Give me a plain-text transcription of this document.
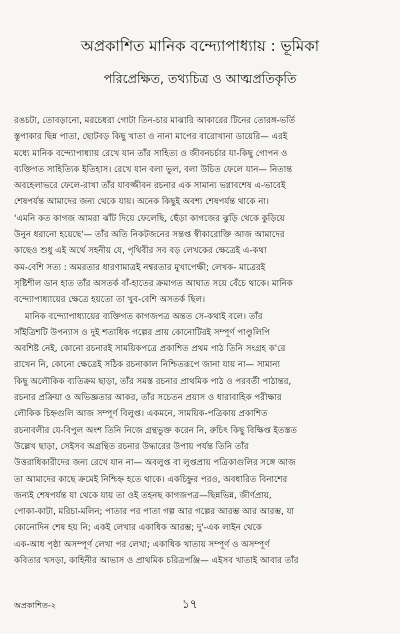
অপ্রকাশিত মানিক বন্দ্যোপাধ্যায় : ভূমিকা
পরিপ্রেক্ষিত, তথ্যচিত্র ও আত্মপ্রতিকৃতি
রঙচটা, তোবড়ানো, মরচেধরা গোটা তিন-চার মাঝারি আকারের টিনের তোরঙ্গ-ভর্তি
স্তূপাকার ছিন্ন পাতা, ছোটবড় কিছু খাতা ও নানা মাপের বারোখানা ডায়েরি— এরই
মধ্যে মানিক বন্দ্যোপাধ্যায় রেখে যান তাঁর সাহিত্য ও জীবনচর্চার যা-কিছু গোপন ও
ব্যক্তিগত সাহিত্যিক ইতিহাস। রেখে যান বলা ভুল, বলা উচিত ফেলে যান— নিতান্ত
অবহেলাভরে ফেলে-রাখা তাঁর যাবজ্জীবন রচনার এক সামান্য ভগ্নাবশেষ এ-ভাবেই
শেষপর্যন্ত আমাদের জন্য থেকে যায়। অনেক কিছুই অবশ্য শেষপর্যন্ত থাকে না।
'এমনি কত কাগজ আমরা ঝাঁট দিয়ে ফেলেছি, ছেঁড়া কাগজের ঝুড়ি থেকে কুড়িয়ে
উনুন ধরানো হয়েছে'— তাঁর অতি নিকটজনের সন্তপ্ত স্বীকারোক্তি আজ আমাদের
কাছেও শুধু এই অর্থে সহনীয় যে, পৃথিবীর সব বড় লেখকের ক্ষেত্রেই এ-কথা
কম-বেশি সত্য : অমরতার ধারণামাত্রই নশ্বরতার মুখাপেক্ষী; লেখক- মাত্রেরই
সৃষ্টিশীল ডান হাত তাঁর অসতর্ক বাঁ-হাতের ক্রমাগত আঘাত সয়ে বেঁচে থাকে। মানিক
বন্দ্যোপাধ্যায়ের ক্ষেত্রে হয়তো তা খুব-বেশি অসতর্ক ছিল।
মানিক বন্দ্যোপাধ্যায়ের ব্যক্তিগত কাগজপত্র অন্তত সে-কথাই বলে। তাঁর
সাঁইত্রিশটি উপন্যাস ও দুই শতাধিক গল্পের প্রায় কোনোটিরই সম্পূর্ণ পাণ্ডুলিপি
অবশিষ্ট নেই, কোনো রচনারই সাময়িকপত্রে প্রকাশিত প্রথম পাঠ তিনি সংগ্রহ ক'রে
রাখেন নি, কোনো ক্ষেত্রেই সঠিক রচনাকাল নিশ্চিতরূপে জানা যায় না— সামান্য
কিছু অলৌকিক ব্যতিক্রম ছাড়া, তাঁর সমস্ত রচনার প্রাথমিক পাঠ ও পরবর্তী পাঠান্তর,
রচনার প্রক্রিয়া ও অভিজ্ঞতার আকর, তাঁর সচেতন প্রয়াস ও ধারাবাহিক পরীক্ষার
লৌকিক চিহ্নগুলি আজ সম্পূর্ণ বিলুপ্ত। একমনে, সাময়িক-পত্রিকায় প্রকাশিত
রচনাবলীর যে-বিপুল অংশ তিনি নিজে গ্রন্থভুক্ত করেন নি, রুচিৎ কিছু বিক্ষিপ্ত ইতস্তত
উল্লেখ ছাড়া, সেইসব অগ্রন্থিত রচনার উদ্ধারের উপায় পর্যন্ত তিনি তাঁর
উত্তরাধিকারীদের জন্য রেখে যান না— অবলুপ্ত বা লুপ্তপ্রায় পত্রিকাগুলির সঙ্গে আজ
তা আমাদের কাছে ক্রমেই নিশ্চিহ্ন হতে থাকে। একচিহ্নুর পরও, অবধারিত বিনাশের
জন্যই শেষপর্যন্ত যা থেকে যায় তা ওই তহনছ কাগজপত্র—ছিন্নভিন্ন, জীর্ণপ্রায়,
পোকা-কাটা, মরিচা-মলিন; পাতার পর পাতা গল্প আর গল্পের আরম্ভ আর আরম্ভ, যা
কোনোদিন শেষ হয় নি; একই লেখার একাধিক আরম্ভ; দু'-এক লাইন থেকে
এক-আধ পৃষ্ঠা অসম্পূর্ণ লেখা পর লেখা; একাধিক খাতায় সম্পূর্ণ ও অসম্পূর্ণ
কবিতার খসড়া, কাহিনীর আভাস ও প্রাথমিক চরিত্রপঞ্জি— এইসব খাতাই আবার তাঁর
অপ্রকাশিত-২	১৭
